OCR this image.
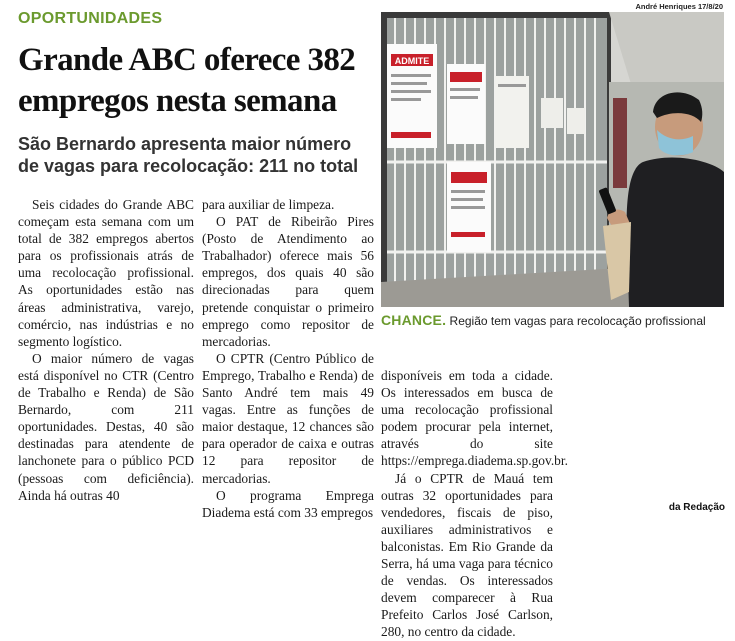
OPORTUNIDADES
Grande ABC oferece 382 empregos nesta semana
São Bernardo apresenta maior número de vagas para recolocação: 211 no total
André Henriques 17/8/20
ADMITE
CHANCE. Região tem vagas para recolocação profissional

Seis cidades do Grande ABC começam esta semana com um total de 382 empregos abertos para os profissionais atrás de uma recolocação profissional. As oportunidades estão nas áreas administrativa, varejo, comércio, nas indústrias e no segmento logístico.

O maior número de vagas está disponível no CTR (Centro de Trabalho e Renda) de São Bernardo, com 211 oportunidades. Destas, 40 são destinadas para atendente de lanchonete para o público PCD (pessoas com deficiência). Ainda há outras 40

para auxiliar de limpeza.

O PAT de Ribeirão Pires (Posto de Atendimento ao Trabalhador) oferece mais 56 empregos, dos quais 40 são direcionadas para quem pretende conquistar o primeiro emprego como repositor de mercadorias.

O CPTR (Centro Público de Emprego, Trabalho e Renda) de Santo André tem mais 49 vagas. Entre as funções de maior destaque, 12 chances são para operador de caixa e outras 12 para repositor de mercadorias.

O programa Emprega Diadema está com 33 empregos

disponíveis em toda a cidade. Os interessados em busca de uma recolocação profissional podem procurar pela internet, através do site https://emprega.diadema.sp.gov.br.

Já o CPTR de Mauá tem outras 32 oportunidades para vendedores, fiscais de piso, auxiliares administrativos e balconistas. Em Rio Grande da Serra, há uma vaga para técnico de vendas. Os interessados devem comparecer à Rua Prefeito Carlos José Carlson, 280, no centro da cidade.

da Redação
